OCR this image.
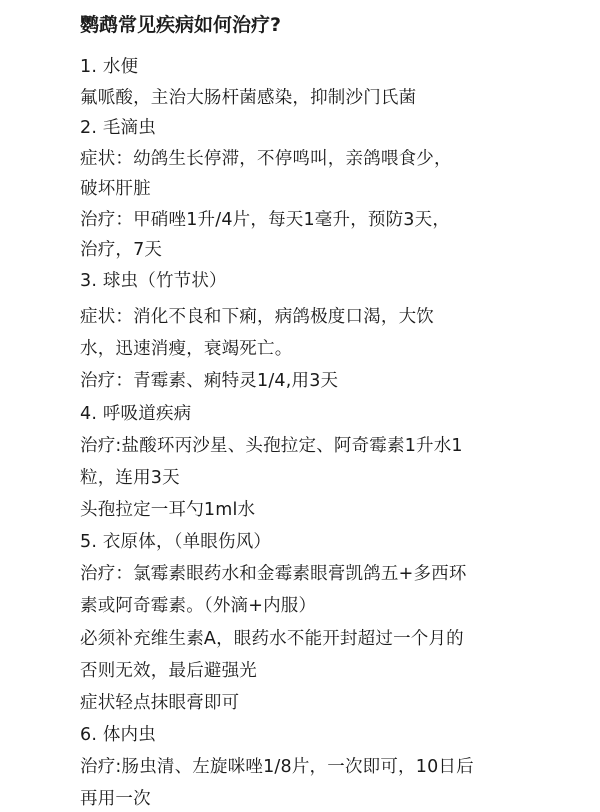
鹦鹉常见疾病如何治疗?
1. 水便
氟哌酸，主治大肠杆菌感染，抑制沙门氏菌
2. 毛滴虫
症状：幼鸽生长停滞，不停鸣叫，亲鸽喂食少，
破坏肝脏
治疗：甲硝唑1升/4片，每天1毫升，预防3天，
治疗，7天
3. 球虫（竹节状）
症状：消化不良和下痢，病鸽极度口渴，大饮
水，迅速消瘦，衰竭死亡。
治疗：青霉素、痢特灵1/4,用3天
4. 呼吸道疾病
治疗:盐酸环丙沙星、头孢拉定、阿奇霉素1升水1
粒，连用3天
头孢拉定一耳勺1ml水
5. 衣原体，（单眼伤风）
治疗：氯霉素眼药水和金霉素眼膏凯鸽五+多西环
素或阿奇霉素。（外滴+内服）
必须补充维生素A，眼药水不能开封超过一个月的
否则无效，最后避强光
症状轻点抹眼膏即可
6. 体内虫
治疗:肠虫清、左旋咪唑1/8片，一次即可，10日后
再用一次
